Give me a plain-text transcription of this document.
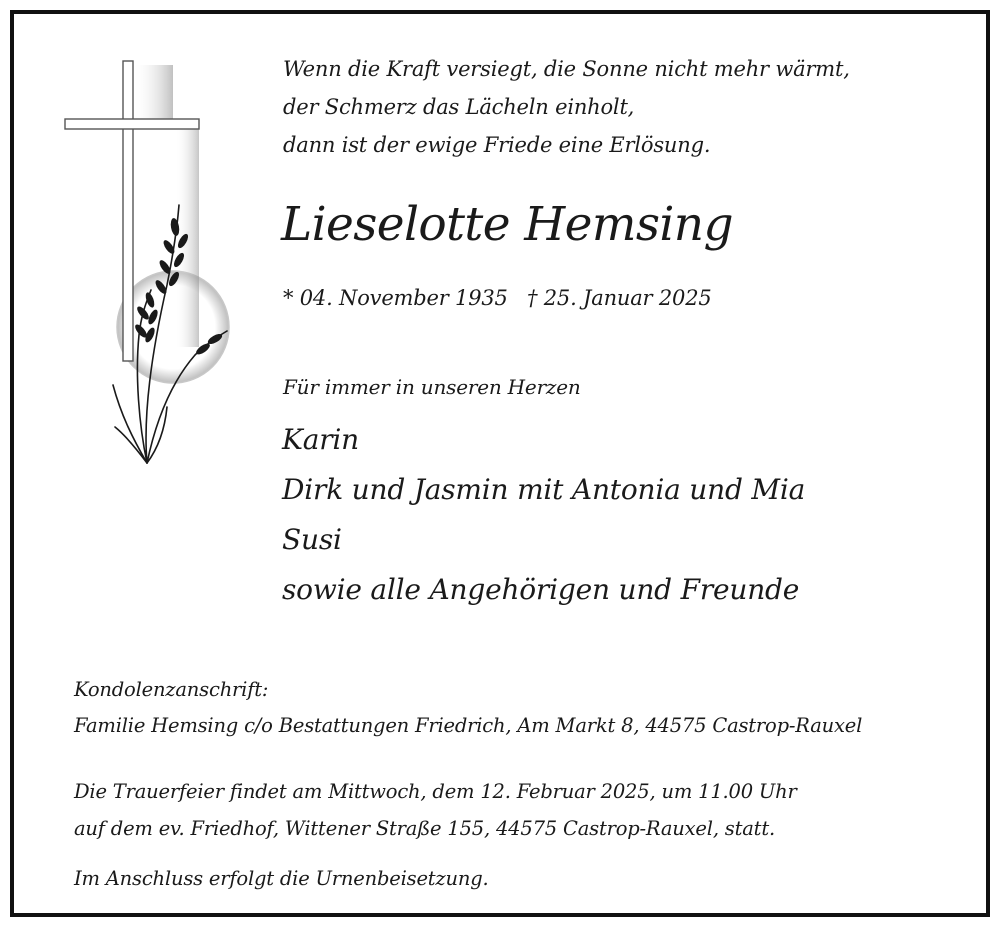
Wenn die Kraft versiegt, die Sonne nicht mehr wärmt,
der Schmerz das Lächeln einholt,
dann ist der ewige Friede eine Erlösung.
Lieselotte Hemsing
* 04. November 1935 † 25. Januar 2025
Für immer in unseren Herzen
Karin
Dirk und Jasmin mit Antonia und Mia
Susi
sowie alle Angehörigen und Freunde
Kondolenzanschrift:
Familie Hemsing c/o Bestattungen Friedrich, Am Markt 8, 44575 Castrop-Rauxel
Die Trauerfeier findet am Mittwoch, dem 12. Februar 2025, um 11.00 Uhr
auf dem ev. Friedhof, Wittener Straße 155, 44575 Castrop-Rauxel, statt.
Im Anschluss erfolgt die Urnenbeisetzung.
